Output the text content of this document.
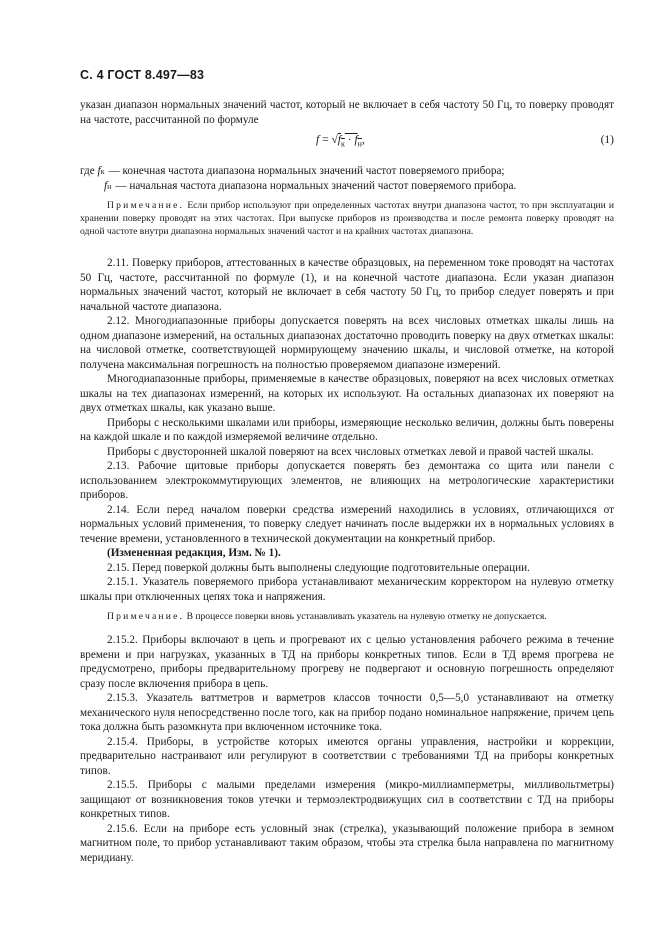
С. 4 ГОСТ 8.497—83

указан диапазон нормальных значений частот, который не включает в себя частоту 50 Гц, то поверку проводят на частоте, рассчитанной по формуле

$f = √f_к \cdot f_н$,	(1)
где f к — конечная частота диапазона нормальных значений частот поверяемого прибора;
f н — начальная частота диапазона нормальных значений частот поверяемого прибора.

Примечание. Если прибор используют при определенных частотах внутри диапазона частот, то при эксплуатации и хранении поверку проводят на этих частотах. При выпуске приборов из производства и после ремонта поверку проводят на одной частоте внутри диапазона нормальных значений частот и на крайних частотах диапазона.

2.11. Поверку приборов, аттестованных в качестве образцовых, на переменном токе проводят на частотах 50 Гц, частоте, рассчитанной по формуле (1), и на конечной частоте диапазона. Если указан диапазон нормальных значений частот, который не включает в себя частоту 50 Гц, то прибор следует поверять и при начальной частоте диапазона.

2.12. Многодиапазонные приборы допускается поверять на всех числовых отметках шкалы лишь на одном диапазоне измерений, на остальных диапазонах достаточно проводить поверку на двух отметках шкалы: на числовой отметке, соответствующей нормирующему значению шкалы, и числовой отметке, на которой получена максимальная погрешность на полностью проверяемом диапазоне измерений.

Многодиапазонные приборы, применяемые в качестве образцовых, поверяют на всех числовых отметках шкалы на тех диапазонах измерений, на которых их используют. На остальных диапазонах их поверяют на двух отметках шкалы, как указано выше.

Приборы с несколькими шкалами или приборы, измеряющие несколько величин, должны быть поверены на каждой шкале и по каждой измеряемой величине отдельно.

Приборы с двусторонней шкалой поверяют на всех числовых отметках левой и правой частей шкалы.

2.13. Рабочие щитовые приборы допускается поверять без демонтажа со щита или панели с использованием электрокоммутирующих элементов, не влияющих на метрологические характеристики приборов.

2.14. Если перед началом поверки средства измерений находились в условиях, отличающихся от нормальных условий применения, то поверку следует начинать после выдержки их в нормальных условиях в течение времени, установленного в технической документации на конкретный прибор.

(Измененная редакция, Изм. № 1).

2.15. Перед поверкой должны быть выполнены следующие подготовительные операции.

2.15.1. Указатель поверяемого прибора устанавливают механическим корректором на нулевую отметку шкалы при отключенных цепях тока и напряжения.

Примечание. В процессе поверки вновь устанавливать указатель на нулевую отметку не допускается.

2.15.2. Приборы включают в цепь и прогревают их с целью установления рабочего режима в течение времени и при нагрузках, указанных в ТД на приборы конкретных типов. Если в ТД время прогрева не предусмотрено, приборы предварительному прогреву не подвергают и основную погрешность определяют сразу после включения прибора в цепь.

2.15.3. Указатель ваттметров и варметров классов точности 0,5—5,0 устанавливают на отметку механического нуля непосредственно после того, как на прибор подано номинальное напряжение, причем цепь тока должна быть разомкнута при включенном источнике тока.

2.15.4. Приборы, в устройстве которых имеются органы управления, настройки и коррекции, предварительно настраивают или регулируют в соответствии с требованиями ТД на приборы конкретных типов.

2.15.5. Приборы с малыми пределами измерения (микро-миллиамперметры, милливольтметры) защищают от возникновения токов утечки и термоэлектродвижущих сил в соответствии с ТД на приборы конкретных типов.

2.15.6. Если на приборе есть условный знак (стрелка), указывающий положение прибора в земном магнитном поле, то прибор устанавливают таким образом, чтобы эта стрелка была направлена по магнитному меридиану.
